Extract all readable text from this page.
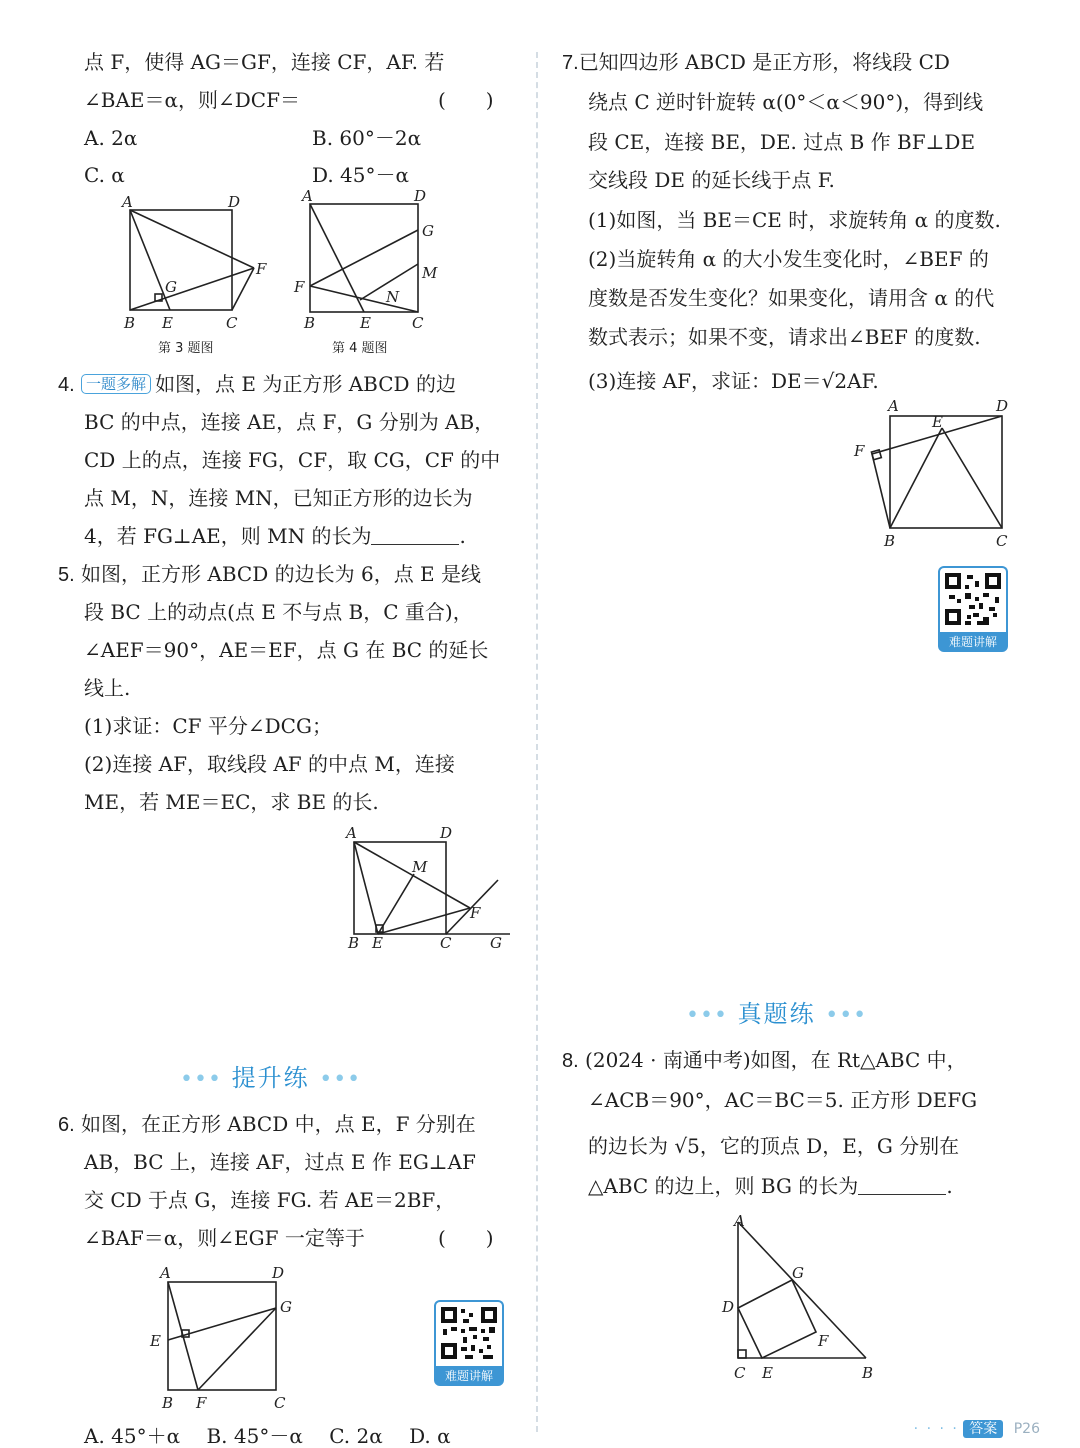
点 F，使得 AG＝GF，连接 CF，AF. 若
∠BAE＝α，则∠DCF＝	(　　)
A. 2α	B. 60°－2α
C. α	D. 45°－α
A	D
F
G
B E	C
第 3 题图
A	D
G
M
F
N
B	E	C
第 4 题图
4. 一题多解 如图，点 E 为正方形 ABCD 的边
BC 的中点，连接 AE，点 F，G 分别为 AB，
CD 上的点，连接 FG，CF，取 CG，CF 的中
点 M，N，连接 MN，已知正方形的边长为
4，若 FG⊥AE，则 MN 的长为	.
5. 如图，正方形 ABCD 的边长为 6，点 E 是线
段 BC 上的动点(点 E 不与点 B，C 重合)，
∠AEF＝90°，AE＝EF，点 G 在 BC 的延长
线上.
(1)求证：CF 平分∠DCG；
(2)连接 AF，取线段 AF 的中点 M，连接
ME，若 ME＝EC，求 BE 的长.
A	D
M
F
B E	C	G
••• 提升练 •••
6. 如图，在正方形 ABCD 中，点 E，F 分别在
AB，BC 上，连接 AF，过点 E 作 EG⊥AF
交 CD 于点 G，连接 FG. 若 AE＝2BF，
∠BAF＝α，则∠EGF 一定等于	(　　)
A	D
G
E
B F	C
难题讲解
A. 45°＋α　 B. 45°－α　 C. 2α　 D. α
7.已知四边形 ABCD 是正方形，将线段 CD
绕点 C 逆时针旋转 α(0°＜α＜90°)，得到线
段 CE，连接 BE，DE. 过点 B 作 BF⊥DE
交线段 DE 的延长线于点 F.
(1)如图，当 BE＝CE 时，求旋转角 α 的度数.
(2)当旋转角 α 的大小发生变化时，∠BEF 的
度数是否发生变化？如果变化，请用含 α 的代
数式表示；如果不变，请求出∠BEF 的度数.
(3)连接 AF，求证：DE＝√2AF.
A	D
E
F
B	C
难题讲解
••• 真题练 •••
8. (2024 · 南通中考)如图，在 Rt△ABC 中，
∠ACB＝90°，AC＝BC＝5. 正方形 DEFG
的边长为 √5，它的顶点 D，E，G 分别在
△ABC 的边上，则 BG 的长为	.
A
G
D
F
C E	B
· · · · 答案 P26
